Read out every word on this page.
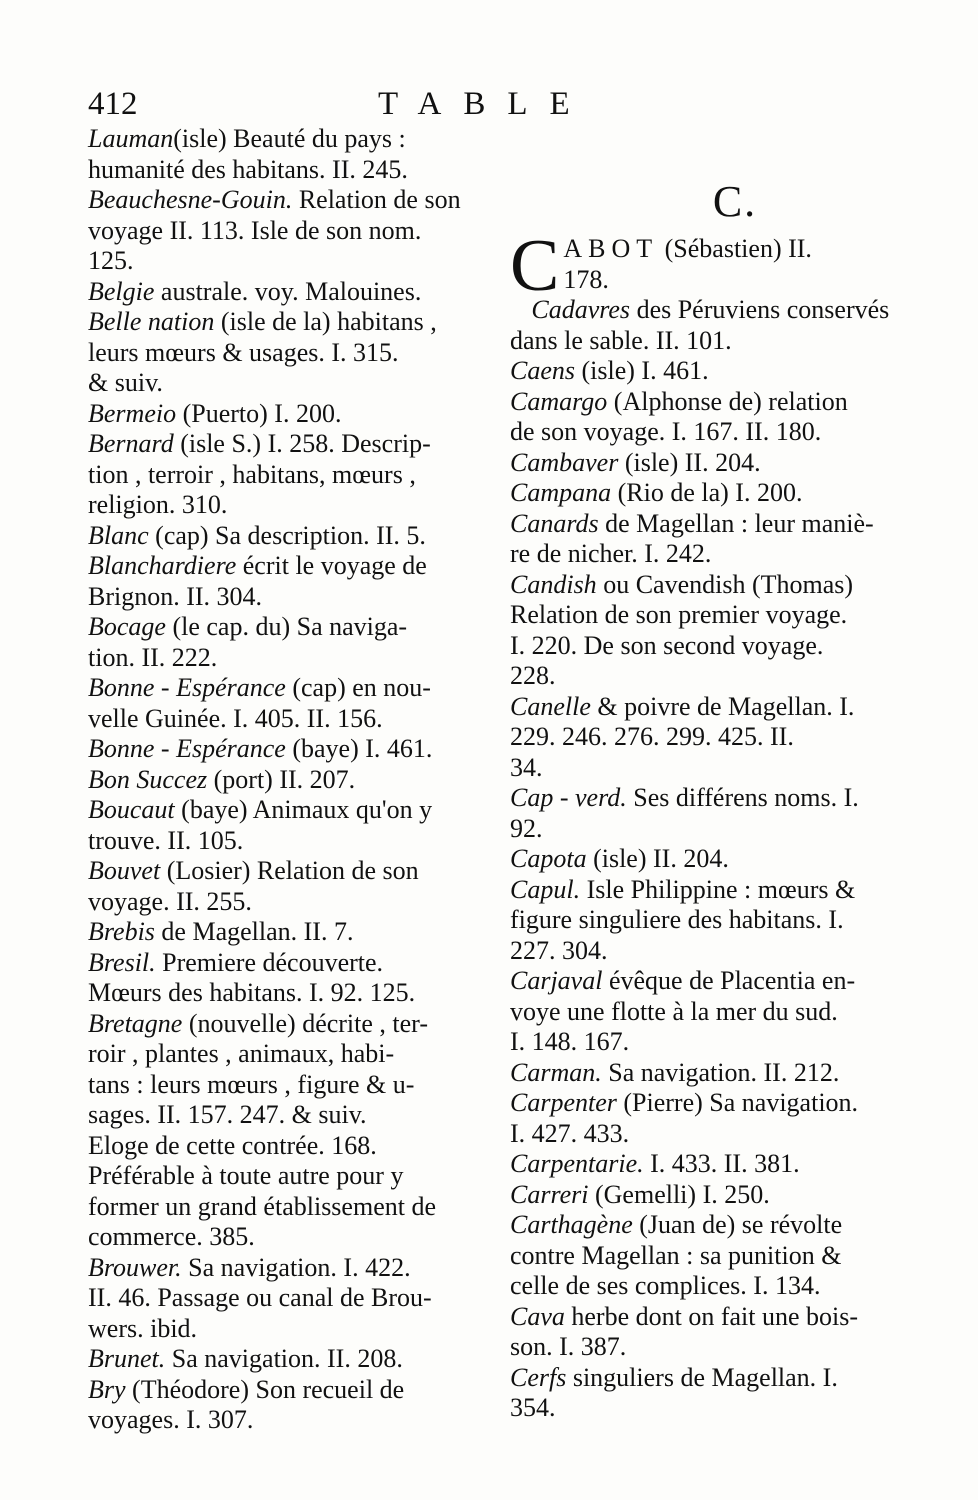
412	TABLE
Lauman(isle) Beauté du pays :
humanité des habitans. II. 245.
Beauchesne-Gouin. Relation de son
voyage II. 113. Isle de son nom.
125.
Belgie australe. voy. Malouines.
Belle nation (isle de la) habitans ,
leurs mœurs & usages. I. 315.
& suiv.
Bermeio (Puerto) I. 200.
Bernard (isle S.) I. 258. Descrip-
tion , terroir , habitans, mœurs ,
religion. 310.
Blanc (cap) Sa description. II. 5.
Blanchardiere écrit le voyage de
Brignon. II. 304.
Bocage (le cap. du) Sa naviga-
tion. II. 222.
Bonne - Espérance (cap) en nou-
velle Guinée. I. 405. II. 156.
Bonne - Espérance (baye) I. 461.
Bon Succez (port) II. 207.
Boucaut (baye) Animaux qu'on y
trouve. II. 105.
Bouvet (Losier) Relation de son
voyage. II. 255.
Brebis de Magellan. II. 7.
Bresil. Premiere découverte.
Mœurs des habitans. I. 92. 125.
Bretagne (nouvelle) décrite , ter-
roir , plantes , animaux, habi-
tans : leurs mœurs , figure & u-
sages. II. 157. 247. & suiv.
Eloge de cette contrée. 168.
Préférable à toute autre pour y
former un grand établissement de
commerce. 385.
Brouwer. Sa navigation. I. 422.
II. 46. Passage ou canal de Brou-
wers. ibid.
Brunet. Sa navigation. II. 208.
Bry (Théodore) Son recueil de
voyages. I. 307.
C.
CABOT (Sébastien) II.
178.
Cadavres des Péruviens conservés
dans le sable. II. 101.
Caens (isle) I. 461.
Camargo (Alphonse de) relation
de son voyage. I. 167. II. 180.
Cambaver (isle) II. 204.
Campana (Rio de la) I. 200.
Canards de Magellan : leur maniè-
re de nicher. I. 242.
Candish ou Cavendish (Thomas)
Relation de son premier voyage.
I. 220. De son second voyage.
228.
Canelle & poivre de Magellan. I.
229. 246. 276. 299. 425. II.
34.
Cap - verd. Ses différens noms. I.
92.
Capota (isle) II. 204.
Capul. Isle Philippine : mœurs &
figure singuliere des habitans. I.
227. 304.
Carjaval évêque de Placentia en-
voye une flotte à la mer du sud.
I. 148. 167.
Carman. Sa navigation. II. 212.
Carpenter (Pierre) Sa navigation.
I. 427. 433.
Carpentarie. I. 433. II. 381.
Carreri (Gemelli) I. 250.
Carthagène (Juan de) se révolte
contre Magellan : sa punition &
celle de ses complices. I. 134.
Cava herbe dont on fait une bois-
son. I. 387.
Cerfs singuliers de Magellan. I.
354.
